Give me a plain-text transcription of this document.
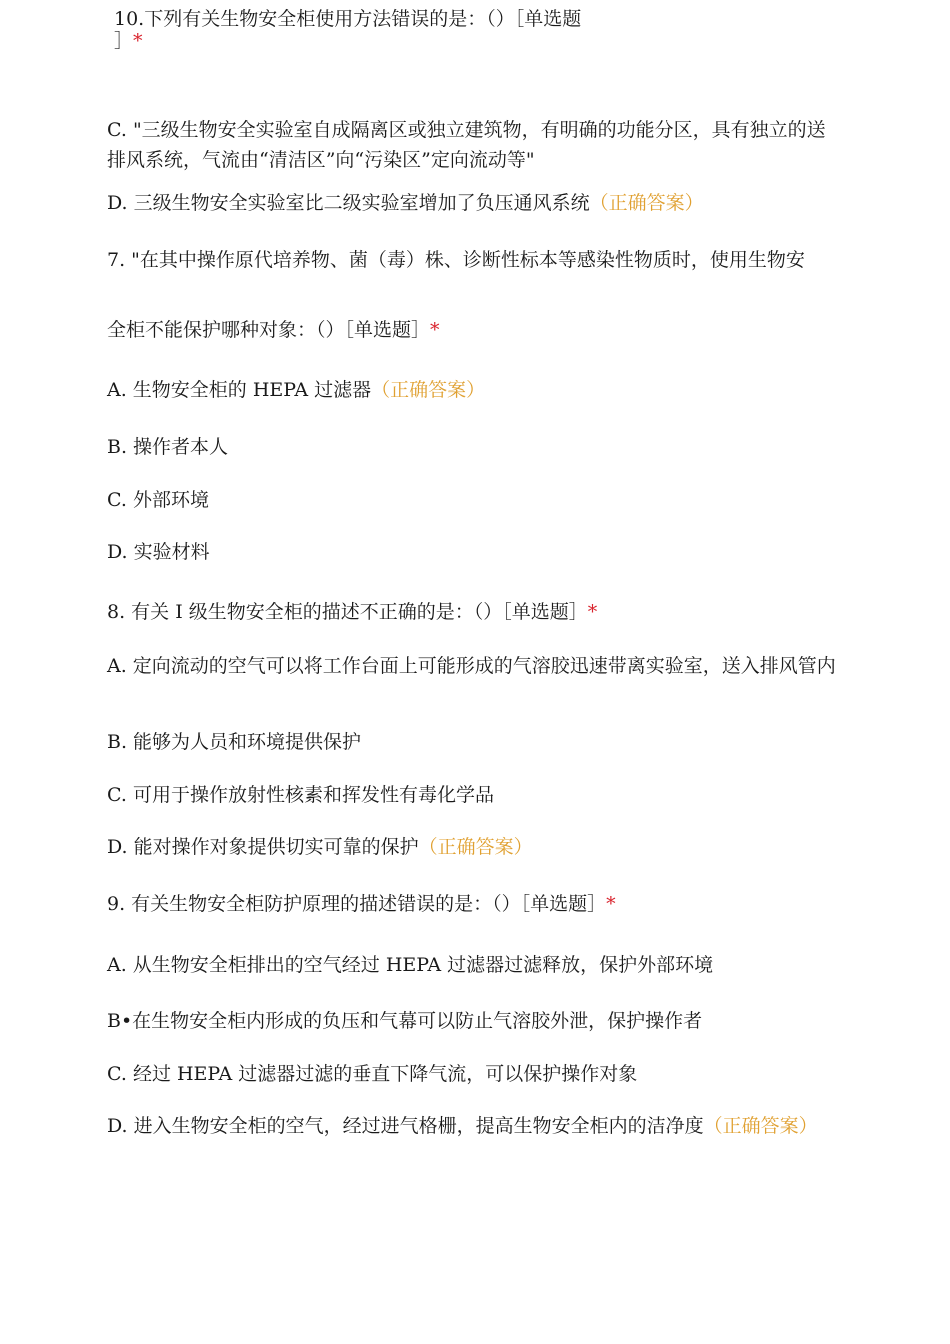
10.下列有关生物安全柜使用方法错误的是：（）［单选题
］*
C. "三级生物安全实验室自成隔离区或独立建筑物，有明确的功能分区，具有独立的送排风系统，气流由“清洁区”向“污染区”定向流动等"
D. 三级生物安全实验室比二级实验室增加了负压通风系统（正确答案）
7. "在其中操作原代培养物、菌（毒）株、诊断性标本等感染性物质时，使用生物安
全柜不能保护哪种对象：（）［单选题］*
A. 生物安全柜的 HEPA 过滤器（正确答案）
B. 操作者本人
C. 外部环境
D. 实验材料
8. 有关 I 级生物安全柜的描述不正确的是：（）［单选题］*
A. 定向流动的空气可以将工作台面上可能形成的气溶胶迅速带离实验室，送入排风管内
B. 能够为人员和环境提供保护
C. 可用于操作放射性核素和挥发性有毒化学品
D. 能对操作对象提供切实可靠的保护（正确答案）
9. 有关生物安全柜防护原理的描述错误的是：（）［单选题］*
A. 从生物安全柜排出的空气经过 HEPA 过滤器过滤释放，保护外部环境
B•在生物安全柜内形成的负压和气幕可以防止气溶胶外泄，保护操作者
C. 经过 HEPA 过滤器过滤的垂直下降气流，可以保护操作对象
D. 进入生物安全柜的空气，经过进气格栅，提高生物安全柜内的洁净度（正确答案）
